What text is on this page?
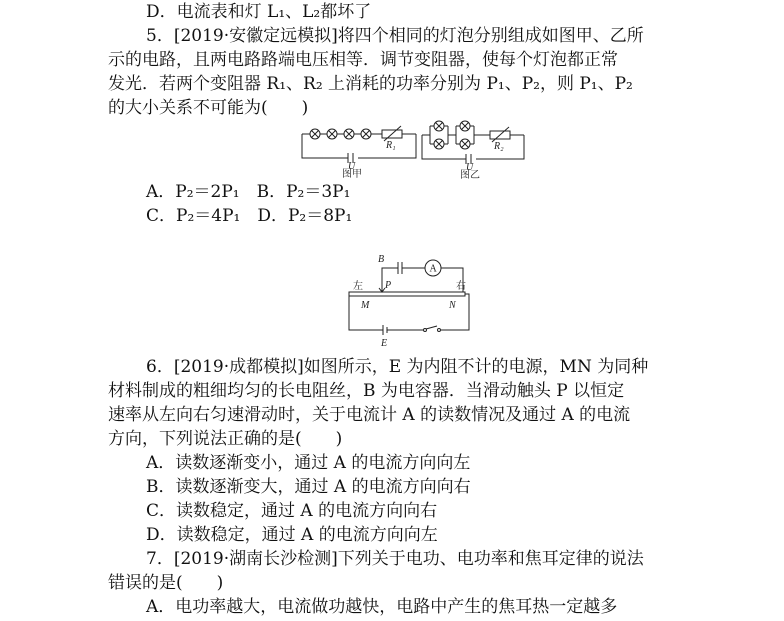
D．电流表和灯 L₁、L₂都坏了
5．[2019·安徽定远模拟]将四个相同的灯泡分别组成如图甲、乙所
示的电路，且两电路路端电压相等．调节变阻器，使每个灯泡都正常
发光．若两个变阻器 R₁、R₂ 上消耗的功率分别为 P₁、P₂，则 P₁、P₂
的大小关系不可能为(　　)
R₁
U
图甲
R₂
U
图乙
A．P₂＝2P₁　B．P₂＝3P₁
C．P₂＝4P₁　D．P₂＝8P₁
B
A
左 P	右
M	N
E
6．[2019·成都模拟]如图所示，E 为内阻不计的电源，MN 为同种
材料制成的粗细均匀的长电阻丝，B 为电容器．当滑动触头 P 以恒定
速率从左向右匀速滑动时，关于电流计 A 的读数情况及通过 A 的电流
方向，下列说法正确的是(　　)
A．读数逐渐变小，通过 A 的电流方向向左
B．读数逐渐变大，通过 A 的电流方向向右
C．读数稳定，通过 A 的电流方向向右
D．读数稳定，通过 A 的电流方向向左
7．[2019·湖南长沙检测]下列关于电功、电功率和焦耳定律的说法
错误的是(　　)
A．电功率越大，电流做功越快，电路中产生的焦耳热一定越多
